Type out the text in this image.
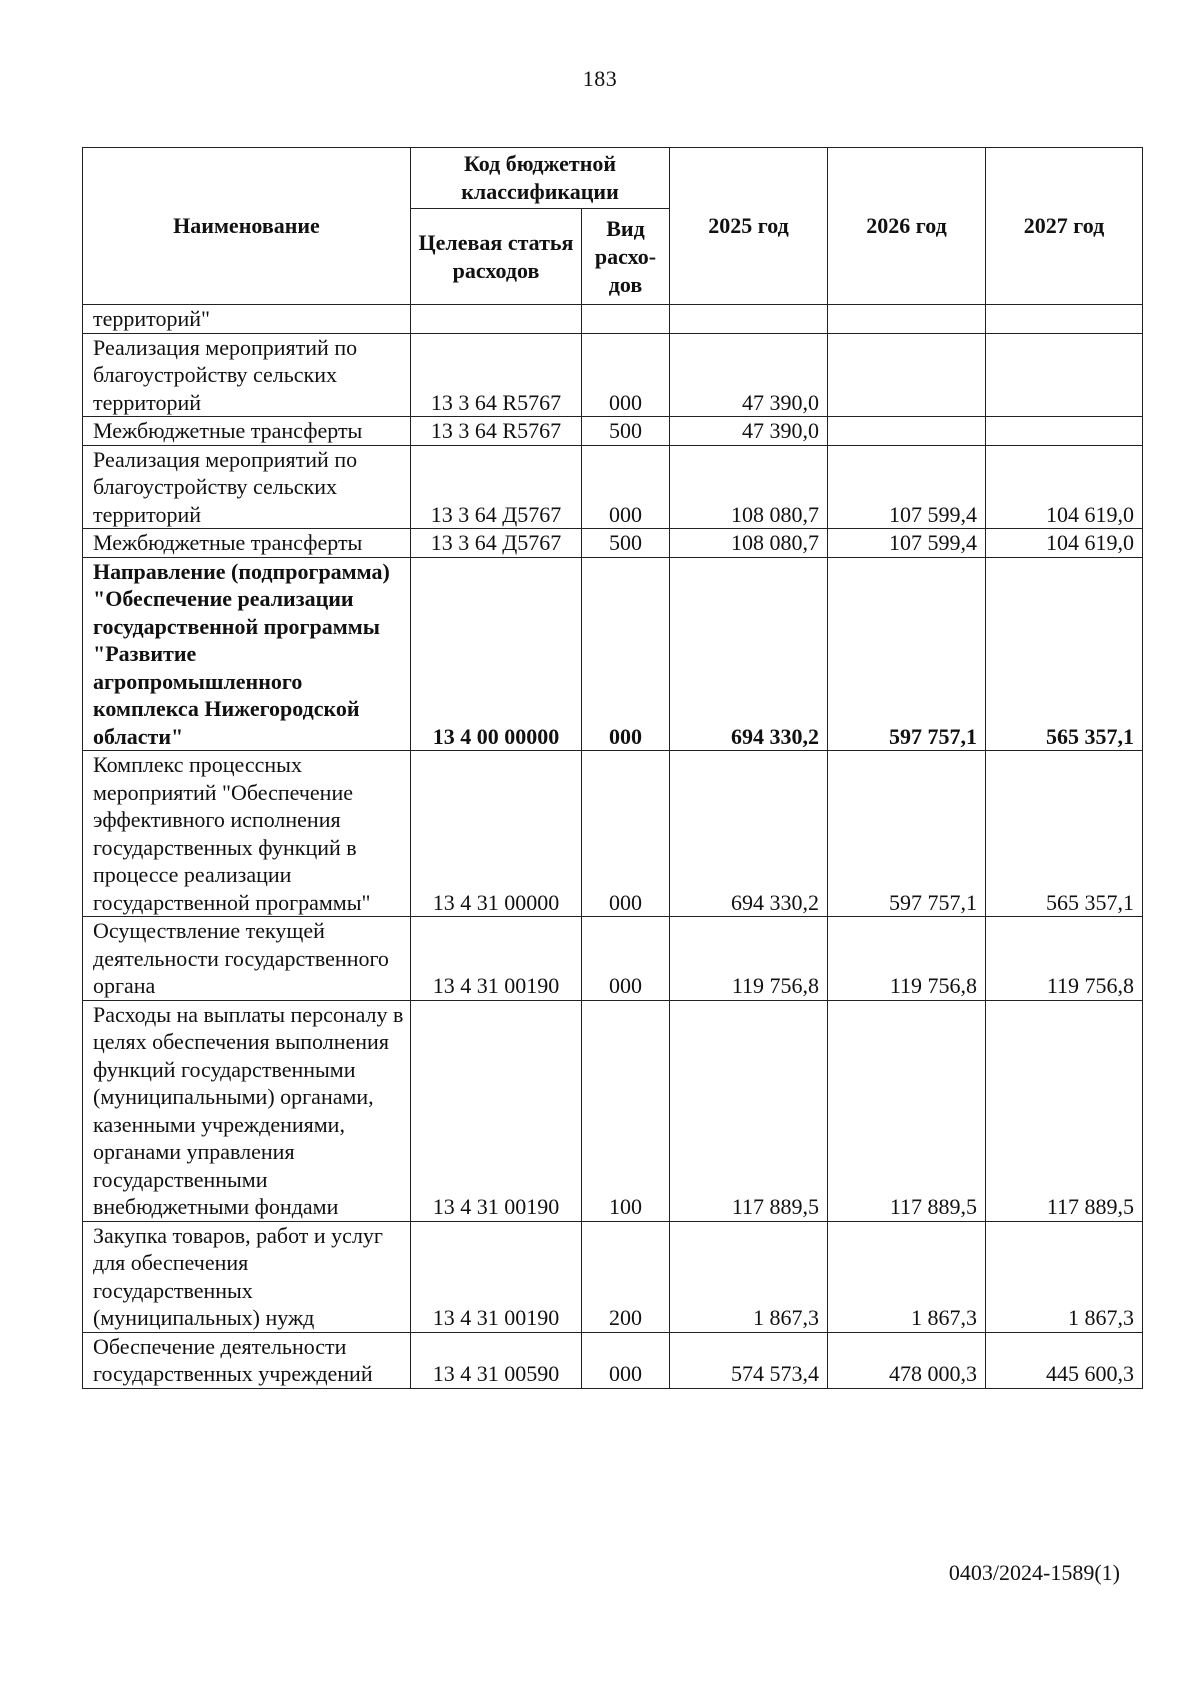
183
Наименование	Код бюджетной классификации		2025 год	2026 год	2027 год
	Целевая статья расходов	Вид расхо-дов			
территорий"					
Реализация мероприятий по благоустройству сельских территорий	13 3 64 R5767	000	47 390,0		
Межбюджетные трансферты	13 3 64 R5767	500	47 390,0		
Реализация мероприятий по благоустройству сельских территорий	13 3 64 Д5767	000	108 080,7	107 599,4	104 619,0
Межбюджетные трансферты	13 3 64 Д5767	500	108 080,7	107 599,4	104 619,0
Направление (подпрограмма) "Обеспечение реализации государственной программы "Развитие агропромышленного комплекса Нижегородской области"	13 4 00 00000	000	694 330,2	597 757,1	565 357,1
Комплекс процессных мероприятий "Обеспечение эффективного исполнения государственных функций в процессе реализации государственной программы"	13 4 31 00000	000	694 330,2	597 757,1	565 357,1
Осуществление текущей деятельности государственного органа	13 4 31 00190	000	119 756,8	119 756,8	119 756,8
Расходы на выплаты персоналу в целях обеспечения выполнения функций государственными (муниципальными) органами, казенными учреждениями, органами управления государственными внебюджетными фондами	13 4 31 00190	100	117 889,5	117 889,5	117 889,5
Закупка товаров, работ и услуг для обеспечения государственных (муниципальных) нужд	13 4 31 00190	200	1 867,3	1 867,3	1 867,3
Обеспечение деятельности государственных учреждений	13 4 31 00590	000	574 573,4	478 000,3	445 600,3
0403/2024-1589(1)
